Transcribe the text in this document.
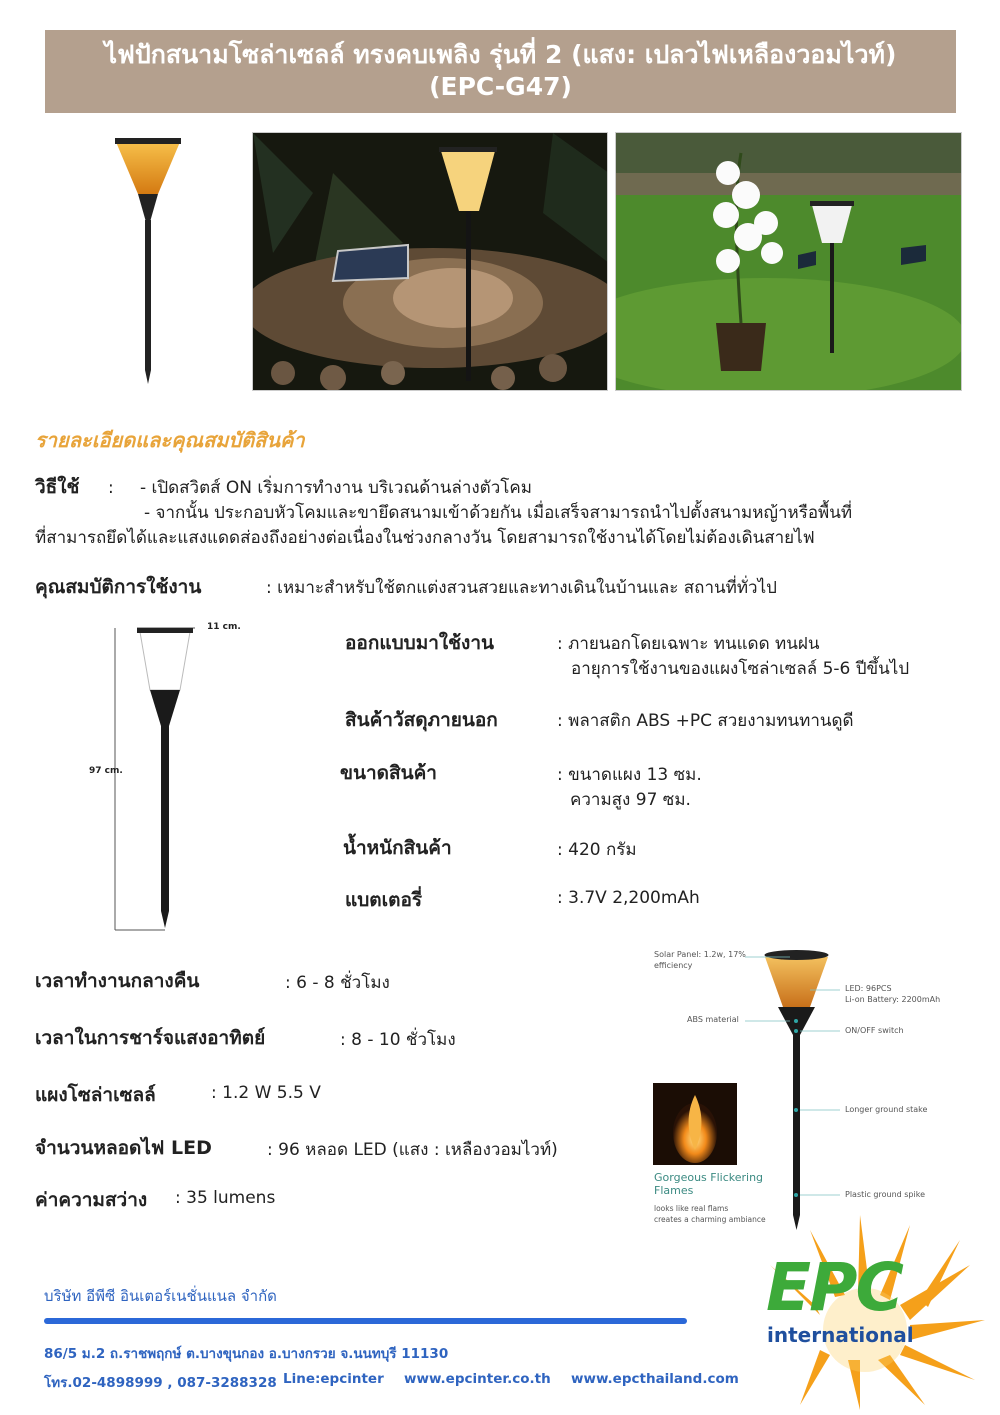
ไฟปักสนามโซล่าเซลล์ ทรงคบเพลิง รุ่นที่ 2 (แสง: เปลวไฟเหลืองวอมไวท์)
(EPC-G47)
รายละเอียดและคุณสมบัติสินค้า
วิธีใช้ : - เปิดสวิตส์ ON เริ่มการทำงาน บริเวณด้านล่างตัวโคม
- จากนั้น ประกอบหัวโคมและขายึดสนามเข้าด้วยกัน เมื่อเสร็จสามารถนำไปตั้งสนามหญ้าหรือพื้นที่
ที่สามารถยึดได้และแสงแดดส่องถึงอย่างต่อเนื่องในช่วงกลางวัน โดยสามารถใช้งานได้โดยไม่ต้องเดินสายไฟ
คุณสมบัติการใช้งาน	: เหมาะสำหรับใช้ตกแต่งสวนสวยและทางเดินในบ้านและ สถานที่ทั่วไป
11 cm.
97 cm.
ออกแบบมาใช้งาน	: ภายนอกโดยเฉพาะ ทนแดด ทนฝน
อายุการใช้งานของแผงโซล่าเซลล์ 5-6 ปีขึ้นไป
สินค้าวัสดุภายนอก	: พลาสติก ABS +PC สวยงามทนทานดูดี
ขนาดสินค้า	: ขนาดแผง 13 ซม.
ความสูง 97 ซม.
น้ำหนักสินค้า	: 420 กรัม
แบตเตอรี่	: 3.7V 2,200mAh
เวลาทำงานกลางคืน	: 6 - 8 ชั่วโมง
เวลาในการชาร์จแสงอาทิตย์	: 8 - 10 ชั่วโมง
แผงโซล่าเซลล์	: 1.2 W 5.5 V
จำนวนหลอดไฟ LED	: 96 หลอด LED (แสง : เหลืองวอมไวท์)
ค่าความสว่าง : 35 lumens
Solar Panel: 1.2w, 17%
efficiency
LED: 96PCS
Li-on Battery: 2200mAh
ABS material
ON/OFF switch
Longer ground stake
Plastic ground spike
Gorgeous Flickering
Flames
looks like real flams
creates a charming ambiance
EPC
international
บริษัท อีพีซี อินเตอร์เนชั่นแนล จำกัด
86/5 ม.2 ถ.ราชพฤกษ์ ต.บางขุนกอง อ.บางกรวย จ.นนทบุรี 11130
โทร.02-4898999 , 087-3288328 Line:epcinter www.epcinter.co.th www.epcthailand.com
